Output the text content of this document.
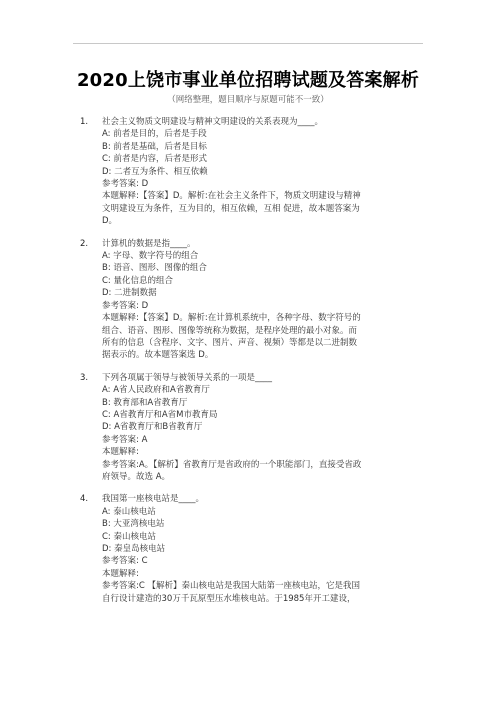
2020上饶市事业单位招聘试题及答案解析
（网络整理，题目顺序与原题可能不一致）
1. 社会主义物质文明建设与精神文明建设的关系表现为____。
A: 前者是目的，后者是手段
B: 前者是基础，后者是目标
C: 前者是内容，后者是形式
D: 二者互为条件、相互依赖
参考答案: D
本题解释:【答案】D。解析:在社会主义条件下，物质文明建设与精神
文明建设互为条件，互为目的，相互依赖，互相 促进，故本题答案为
D。
2. 计算机的数据是指____。
A: 字母、数字符号的组合
B: 语音、图形、图像的组合
C: 量化信息的组合
D: 二进制数据
参考答案: D
本题解释:【答案】D。解析:在计算机系统中，各种字母、数字符号的
组合、语音、图形、图像等统称为数据，是程序处理的最小对象。而
所有的信息（含程序、文字、图片、声音、视频）等都是以二进制数
据表示的。故本题答案选 D。
3. 下列各项属于领导与被领导关系的一项是____
A: A省人民政府和A省教育厅
B: 教育部和A省教育厅
C: A省教育厅和A省M市教育局
D: A省教育厅和B省教育厅
参考答案: A
本题解释:
参考答案:A。【解析】省教育厅是省政府的一个职能部门，直接受省政
府领导。故选 A。
4. 我国第一座核电站是____。
A: 泰山核电站
B: 大亚湾核电站
C: 秦山核电站
D: 秦皇岛核电站
参考答案: C
本题解释:
参考答案:C 【解析】秦山核电站是我国大陆第一座核电站，它是我国
自行设计建造的30万千瓦原型压水堆核电站。于1985年开工建设，
